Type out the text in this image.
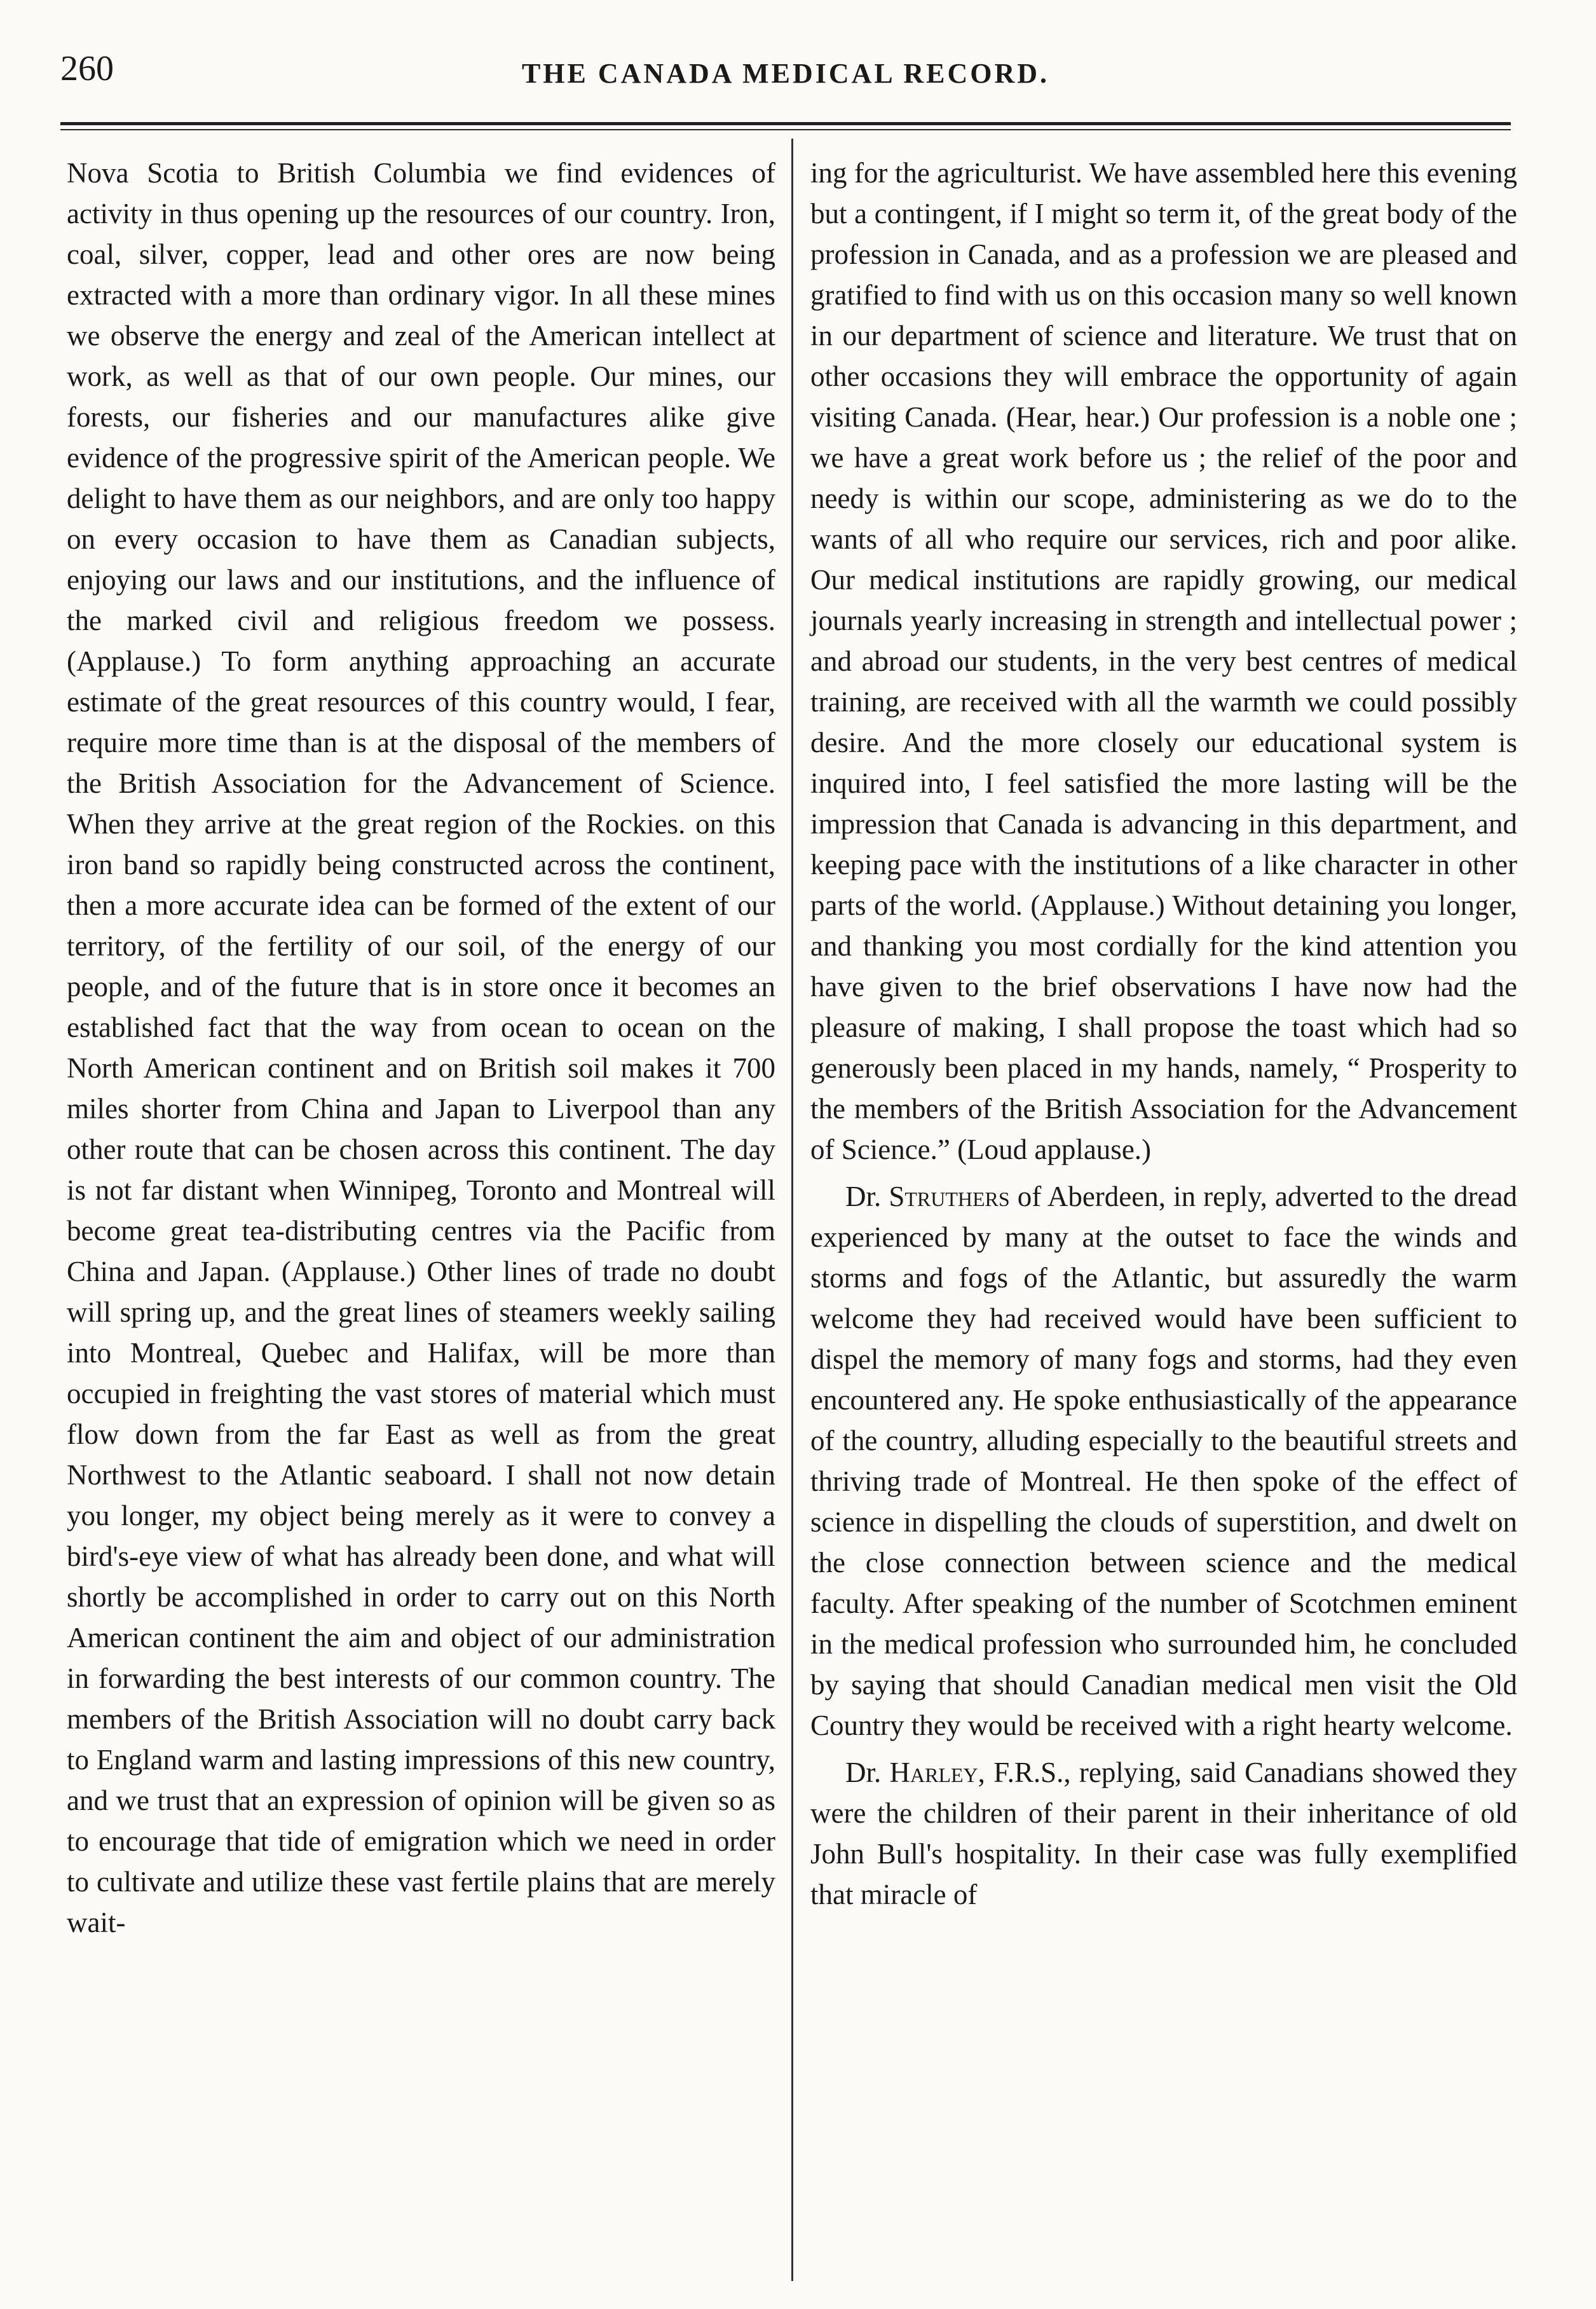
260	THE CANADA MEDICAL RECORD.

Nova Scotia to British Columbia we find evidences of activity in thus opening up the resources of our country. Iron, coal, silver, copper, lead and other ores are now being extracted with a more than ordinary vigor. In all these mines we observe the energy and zeal of the American intellect at work, as well as that of our own people. Our mines, our forests, our fisheries and our manufactures alike give evidence of the progressive spirit of the American people. We delight to have them as our neighbors, and are only too happy on every occasion to have them as Canadian subjects, enjoying our laws and our institutions, and the influence of the marked civil and religious freedom we possess. (Applause.) To form anything approaching an accurate estimate of the great resources of this country would, I fear, require more time than is at the disposal of the members of the British Association for the Advancement of Science. When they arrive at the great region of the Rockies. on this iron band so rapidly being constructed across the continent, then a more accurate idea can be formed of the extent of our territory, of the fertility of our soil, of the energy of our people, and of the future that is in store once it becomes an established fact that the way from ocean to ocean on the North American continent and on British soil makes it 700 miles shorter from China and Japan to Liverpool than any other route that can be chosen across this continent. The day is not far distant when Winnipeg, Toronto and Montreal will become great tea-distributing centres via the Pacific from China and Japan. (Applause.) Other lines of trade no doubt will spring up, and the great lines of steamers weekly sailing into Montreal, Quebec and Halifax, will be more than occupied in freighting the vast stores of material which must flow down from the far East as well as from the great Northwest to the Atlantic seaboard. I shall not now detain you longer, my object being merely as it were to convey a bird's-eye view of what has already been done, and what will shortly be accomplished in order to carry out on this North American continent the aim and object of our administration in forwarding the best interests of our common country. The members of the British Association will no doubt carry back to England warm and lasting impressions of this new country, and we trust that an expression of opinion will be given so as to encourage that tide of emigration which we need in order to cultivate and utilize these vast fertile plains that are merely wait-

ing for the agriculturist. We have assembled here this evening but a contingent, if I might so term it, of the great body of the profession in Canada, and as a profession we are pleased and gratified to find with us on this occasion many so well known in our department of science and literature. We trust that on other occasions they will embrace the opportunity of again visiting Canada. (Hear, hear.) Our profession is a noble one ; we have a great work before us ; the relief of the poor and needy is within our scope, administering as we do to the wants of all who require our services, rich and poor alike. Our medical institutions are rapidly growing, our medical journals yearly increasing in strength and intellectual power ; and abroad our students, in the very best centres of medical training, are received with all the warmth we could possibly desire. And the more closely our educational system is inquired into, I feel satisfied the more lasting will be the impression that Canada is advancing in this department, and keeping pace with the institutions of a like character in other parts of the world. (Applause.) Without detaining you longer, and thanking you most cordially for the kind attention you have given to the brief observations I have now had the pleasure of making, I shall propose the toast which had so generously been placed in my hands, namely, “ Prosperity to the members of the British Association for the Advancement of Science.” (Loud applause.)

Dr. Struthers of Aberdeen, in reply, adverted to the dread experienced by many at the outset to face the winds and storms and fogs of the Atlantic, but assuredly the warm welcome they had received would have been sufficient to dispel the memory of many fogs and storms, had they even encountered any. He spoke enthusiastically of the appearance of the country, alluding especially to the beautiful streets and thriving trade of Montreal. He then spoke of the effect of science in dispelling the clouds of superstition, and dwelt on the close connection between science and the medical faculty. After speaking of the number of Scotchmen eminent in the medical profession who surrounded him, he concluded by saying that should Canadian medical men visit the Old Country they would be received with a right hearty welcome.

Dr. Harley, F.R.S., replying, said Canadians showed they were the children of their parent in their inheritance of old John Bull's hospitality. In their case was fully exemplified that miracle of
